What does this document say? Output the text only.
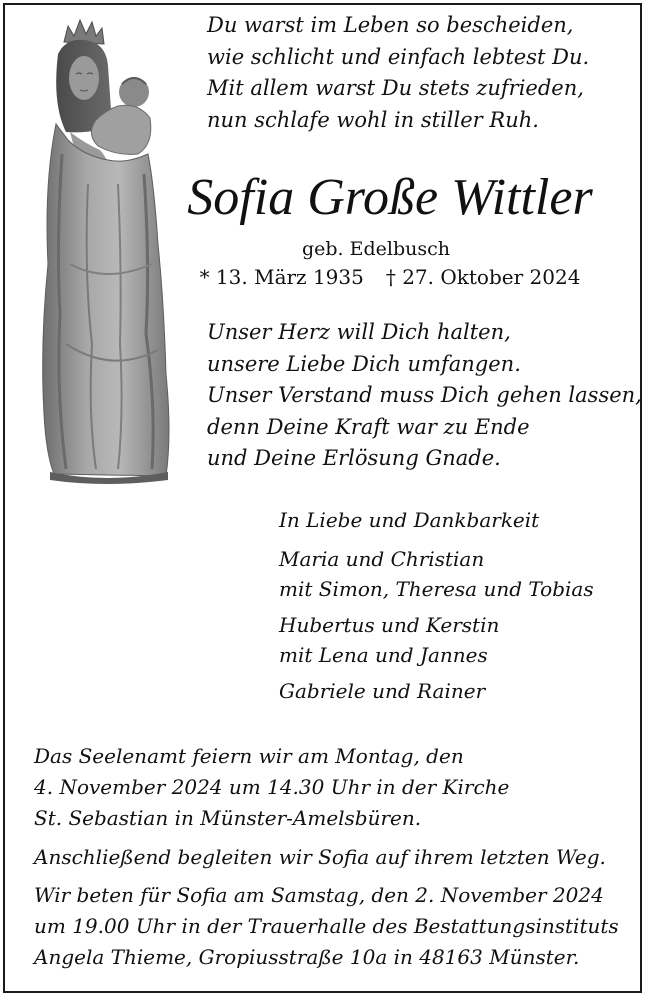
Du warst im Leben so bescheiden,
wie schlicht und einfach lebtest Du.
Mit allem warst Du stets zufrieden,
nun schlafe wohl in stiller Ruh.
Sofia Große Wittler
geb. Edelbusch
* 13. März 1935 † 27. Oktober 2024
Unser Herz will Dich halten,
unsere Liebe Dich umfangen.
Unser Verstand muss Dich gehen lassen,
denn Deine Kraft war zu Ende
und Deine Erlösung Gnade.
In Liebe und Dankbarkeit
Maria und Christian
mit Simon, Theresa und Tobias
Hubertus und Kerstin
mit Lena und Jannes
Gabriele und Rainer
Das Seelenamt feiern wir am Montag, den
4. November 2024 um 14.30 Uhr in der Kirche
St. Sebastian in Münster-Amelsbüren.
Anschließend begleiten wir Sofia auf ihrem letzten Weg.
Wir beten für Sofia am Samstag, den 2. November 2024
um 19.00 Uhr in der Trauerhalle des Bestattungsinstituts
Angela Thieme, Gropiusstraße 10a in 48163 Münster.
